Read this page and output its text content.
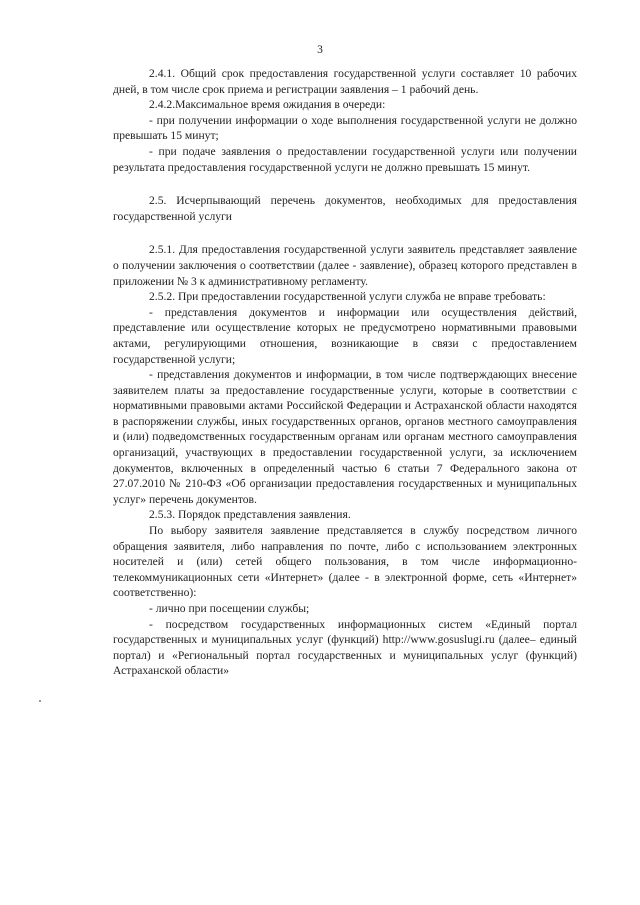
3

2.4.1. Общий срок предоставления государственной услуги составляет 10 рабочих дней, в том числе срок приема и регистрации заявления – 1 рабочий день.

2.4.2.Максимальное время ожидания в очереди:

- при получении информации о ходе выполнения государственной услуги не должно превышать 15 минут;

- при подаче заявления о предоставлении государственной услуги или получении результата предоставления государственной услуги не должно превышать 15 минут.

2.5. Исчерпывающий перечень документов, необходимых для предоставления государственной услуги

2.5.1. Для предоставления государственной услуги заявитель представляет заявление о получении заключения о соответствии (далее - заявление), образец которого представлен в приложении № 3 к административному регламенту.

2.5.2. При предоставлении государственной услуги служба не вправе требовать:

- представления документов и информации или осуществления действий, представление или осуществление которых не предусмотрено нормативными правовыми актами, регулирующими отношения, возникающие в связи с предоставлением государственной услуги;

- представления документов и информации, в том числе подтверждающих внесение заявителем платы за предоставление государственные услуги, которые в соответствии с нормативными правовыми актами Российской Федерации и Астраханской области находятся в распоряжении службы, иных государственных органов, органов местного самоуправления и (или) подведомственных государственным органам или органам местного самоуправления организаций, участвующих в предоставлении государственной услуги, за исключением документов, включенных в определенный частью 6 статьи 7 Федерального закона от 27.07.2010 № 210-ФЗ «Об организации предоставления государственных и муниципальных услуг» перечень документов.

2.5.3. Порядок представления заявления.

По выбору заявителя заявление представляется в службу посредством личного обращения заявителя, либо направления по почте, либо с использованием электронных носителей и (или) сетей общего пользования, в том числе информационно-телекоммуникационных сети «Интернет» (далее - в электронной форме, сеть «Интернет» соответственно):

- лично при посещении службы;

- посредством государственных информационных систем «Единый портал государственных и муниципальных услуг (функций) http://www.gosuslugi.ru (далее– единый портал) и «Региональный портал государственных и муниципальных услуг (функций) Астраханской области»
